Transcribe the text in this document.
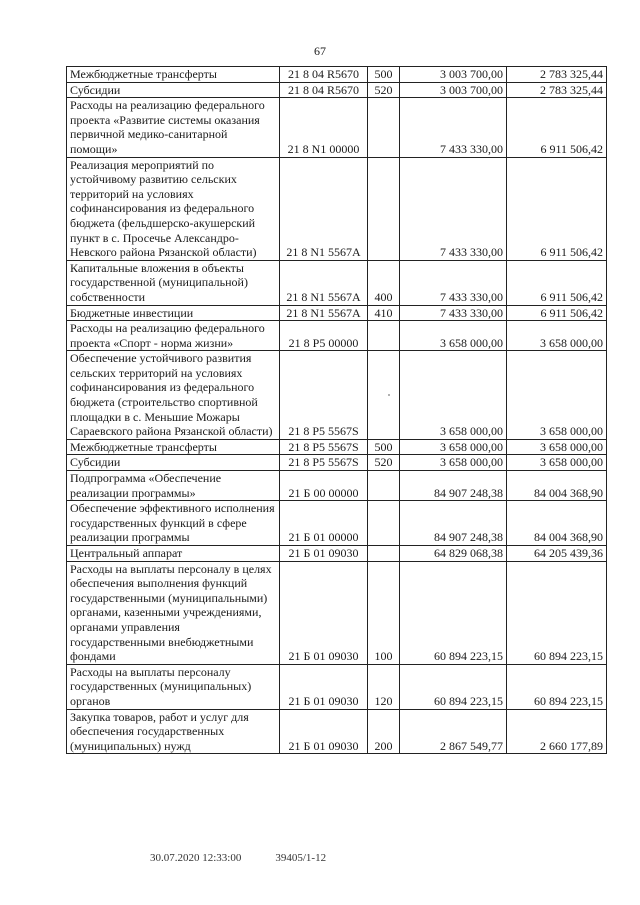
67
Межбюджетные трансферты	21 8 04 R5670	500	3 003 700,00	2 783 325,44
Субсидии	21 8 04 R5670	520	3 003 700,00	2 783 325,44
Расходы на реализацию федерального проекта «Развитие системы оказания первичной медико-санитарной помощи»	21 8 N1 00000		7 433 330,00	6 911 506,42
Реализация мероприятий по устойчивому развитию сельских территорий на условиях софинансирования из федерального бюджета (фельдшерско-акушерский пункт в с. Просечье Александро-Невского района Рязанской области)	21 8 N1 5567A		7 433 330,00	6 911 506,42
Капитальные вложения в объекты государственной (муниципальной) собственности	21 8 N1 5567A	400	7 433 330,00	6 911 506,42
Бюджетные инвестиции	21 8 N1 5567A	410	7 433 330,00	6 911 506,42
Расходы на реализацию федерального проекта «Спорт - норма жизни»	21 8 P5 00000		3 658 000,00	3 658 000,00
Обеспечение устойчивого развития сельских территорий на условиях софинансирования из федерального бюджета (строительство спортивной площадки в с. Меньшие Можары Сараевского района Рязанской области)	21 8 P5 5567S		3 658 000,00	3 658 000,00
Межбюджетные трансферты	21 8 P5 5567S	500	3 658 000,00	3 658 000,00
Субсидии	21 8 P5 5567S	520	3 658 000,00	3 658 000,00
Подпрограмма «Обеспечение реализации программы»	21 Б 00 00000		84 907 248,38	84 004 368,90
Обеспечение эффективного исполнения государственных функций в сфере реализации программы	21 Б 01 00000		84 907 248,38	84 004 368,90
Центральный аппарат	21 Б 01 09030		64 829 068,38	64 205 439,36
Расходы на выплаты персоналу в целях обеспечения выполнения функций государственными (муниципальными) органами, казенными учреждениями, органами управления государственными внебюджетными фондами	21 Б 01 09030	100	60 894 223,15	60 894 223,15
Расходы на выплаты персоналу государственных (муниципальных) органов	21 Б 01 09030	120	60 894 223,15	60 894 223,15
Закупка товаров, работ и услуг для обеспечения государственных (муниципальных) нужд	21 Б 01 09030	200	2 867 549,77	2 660 177,89
30.07.2020 12:33:00	39405/1-12
